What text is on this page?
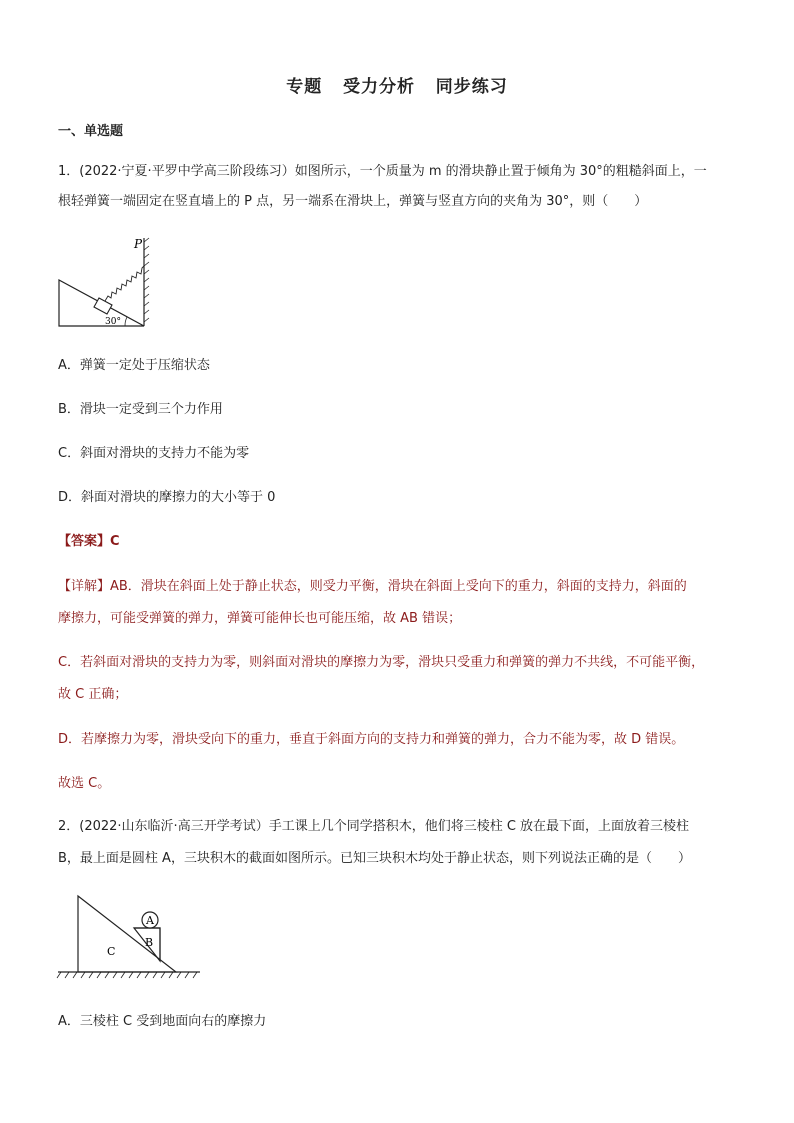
专题   受力分析   同步练习
一、单选题
1．(2022·宁夏·平罗中学高三阶段练习）如图所示，一个质量为 m 的滑块静止置于倾角为 30°的粗糙斜面上，一
根轻弹簧一端固定在竖直墙上的 P 点，另一端系在滑块上，弹簧与竖直方向的夹角为 30°，则（　　）
P
30°
A．弹簧一定处于压缩状态
B．滑块一定受到三个力作用
C．斜面对滑块的支持力不能为零
D．斜面对滑块的摩擦力的大小等于 0
【答案】C
【详解】AB．滑块在斜面上处于静止状态，则受力平衡，滑块在斜面上受向下的重力，斜面的支持力，斜面的
摩擦力，可能受弹簧的弹力，弹簧可能伸长也可能压缩，故 AB 错误；
C．若斜面对滑块的支持力为零，则斜面对滑块的摩擦力为零，滑块只受重力和弹簧的弹力不共线，不可能平衡，
故 C 正确；
D．若摩擦力为零，滑块受向下的重力，垂直于斜面方向的支持力和弹簧的弹力，合力不能为零，故 D 错误。
故选 C。
2．(2022·山东临沂·高三开学考试）手工课上几个同学搭积木，他们将三棱柱 C 放在最下面，上面放着三棱柱
B，最上面是圆柱 A，三块积木的截面如图所示。已知三块积木均处于静止状态，则下列说法正确的是（　　）
A
B
C
A．三棱柱 C 受到地面向右的摩擦力
